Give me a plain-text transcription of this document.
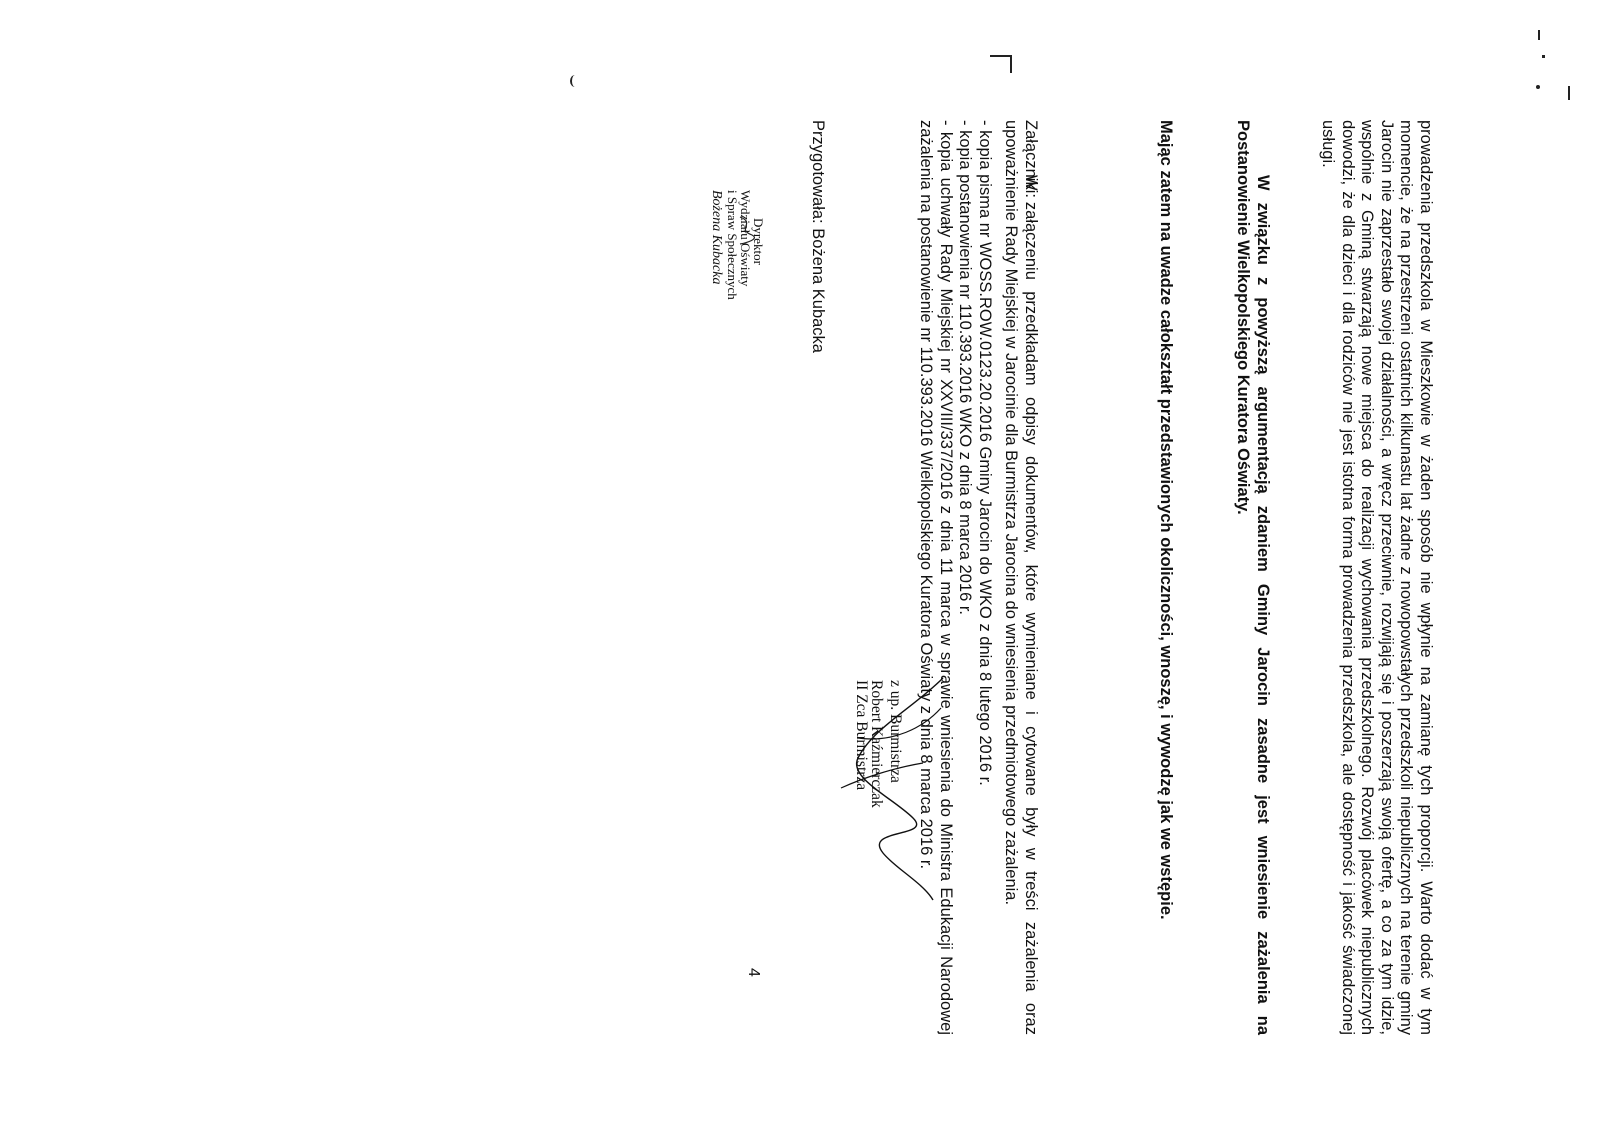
prowadzenia przedszkola w Mieszkowie w żaden sposób nie wpłynie na zamianę tych proporcji. Warto dodać w tym momencie, że na przestrzeni ostatnich kilkunastu lat żadne z nowopowstałych przedszkoli niepublicznych na terenie gminy Jarocin nie zaprzestało swojej działalności, a wręcz przeciwnie, rozwijają się i poszerzają swoją ofertę, a co za tym idzie, wspólnie z Gminą stwarzają nowe miejsca do realizacji wychowania przedszkolnego. Rozwój placówek niepublicznych dowodzi, że dla dzieci i dla rodziców nie jest istotna forma prowadzenia przedszkola, ale dostępność i jakość świadczonej usługi.
W związku z powyższą argumentacją zdaniem Gminy Jarocin zasadne jest wniesienie zażalenia na Postanowienie Wielkopolskiego Kuratora Oświaty.
Mając zatem na uwadze całokształt przedstawionych okoliczności, wnoszę, i wywodzę jak we wstępie.
W załączeniu przedkładam odpisy dokumentów, które wymieniane i cytowane były w treści zażalenia oraz upoważnienie Rady Miejskiej w Jarocinie dla Burmistrza Jarocina do wniesienia przedmiotowego zażalenia.
z up. Burmistrza
Robert Kaźmierczak
II Zca Burmistrza
Załączniki:
- kopia pisma nr WOSS.ROW.0123.20.2016 Gminy Jarocin do WKO z dnia 8 lutego 2016 r.
- kopia postanowienia nr 110.393.2016 WKO z dnia 8 marca 2016 r.
- kopia uchwały Rady Miejskiej nr XXVIII/337/2016 z dnia 11 marca w sprawie wniesienia do Ministra Edukacji Narodowej zażalenia na postanowienie nr 110.393.2016 Wielkopolskiego Kuratora Oświaty z dnia 8 marca 2016 r.
Przygotowała: Bożena Kubacka
Dyrektor
Wydziału Oświaty
i Spraw Społecznych
Bożena Kubacka
4
